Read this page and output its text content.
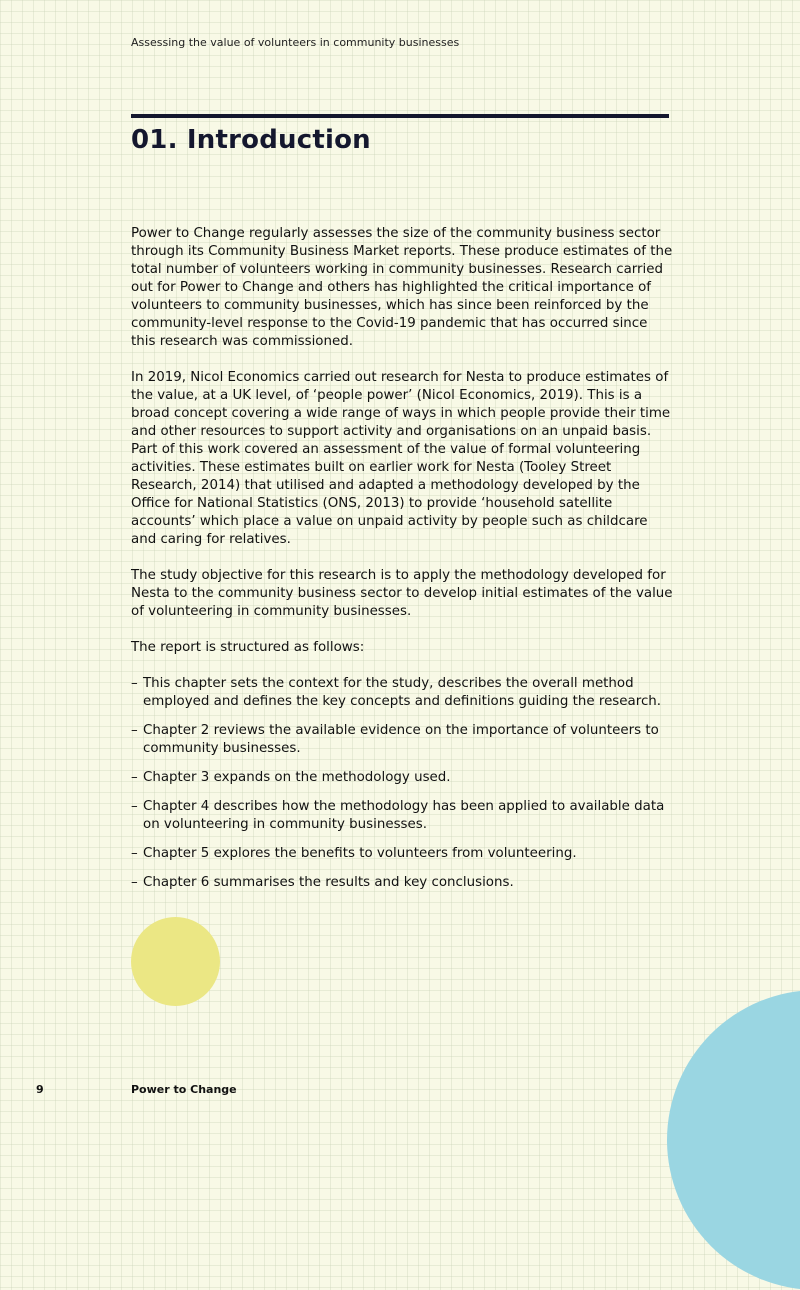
Assessing the value of volunteers in community businesses
01. Introduction

Power to Change regularly assesses the size of the community business sector through its Community Business Market reports. These produce estimates of the total number of volunteers working in community businesses. Research carried out for Power to Change and others has highlighted the critical importance of volunteers to community businesses, which has since been reinforced by the community-level response to the Covid-19 pandemic that has occurred since this research was commissioned.

In 2019, Nicol Economics carried out research for Nesta to produce estimates of the value, at a UK level, of ‘people power’ (Nicol Economics, 2019). This is a broad concept covering a wide range of ways in which people provide their time and other resources to support activity and organisations on an unpaid basis. Part of this work covered an assessment of the value of formal volunteering activities. These estimates built on earlier work for Nesta (Tooley Street Research, 2014) that utilised and adapted a methodology developed by the Office for National Statistics (ONS, 2013) to provide ‘household satellite accounts’ which place a value on unpaid activity by people such as childcare and caring for relatives.

The study objective for this research is to apply the methodology developed for Nesta to the community business sector to develop initial estimates of the value of volunteering in community businesses.

The report is structured as follows:

– This chapter sets the context for the study, describes the overall method employed and defines the key concepts and definitions guiding the research.
– Chapter 2 reviews the available evidence on the importance of volunteers to community businesses.
– Chapter 3 expands on the methodology used.
– Chapter 4 describes how the methodology has been applied to available data on volunteering in community businesses.
– Chapter 5 explores the benefits to volunteers from volunteering.
– Chapter 6 summarises the results and key conclusions.
9	Power to Change
